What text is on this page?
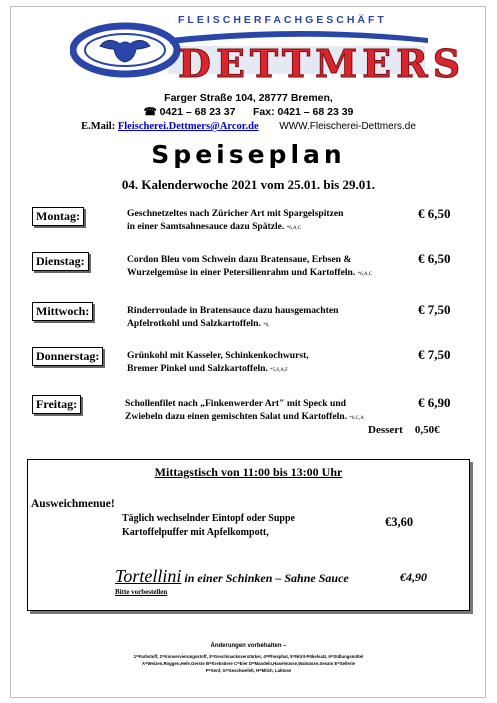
FLEISCHERFACHGESCHÄFT
DETTMERS
Farger Straße 104, 28777 Bremen,
☎ 0421 – 68 23 37      Fax: 0421 – 68 23 39
E.Mail: Fleischerei.Dettmers@Arcor.de WWW.Fleischerei-Dettmers.de
Speiseplan
04. Kalenderwoche 2021 vom 25.01. bis 29.01.
Montag:	Geschnetzeltes nach Züricher Art mit Spargelspitzen
in einer Samtsahnesauce dazu Spätzle. *6,A,C
€ 6,50
Dienstag:	Cordon Bleu vom Schwein dazu Bratensaue, Erbsen &
Wurzelgemüse in einer Petersilienrahm und Kartoffeln. *6,A,C
€ 6,50
Mittwoch:	Rinderroulade in Bratensauce dazu hausgemachten
Apfelrotkohl und Salzkartoffeln. *6,
€ 7,50
Donnerstag:	Grünkohl mit Kasseler, Schinkenkochwurst,
Bremer Pinkel und Salzkartoffeln. *5,6,A,F
€ 7,50
Freitag:	Schollenfilet nach „Finkenwerder Art" mit Speck und
Zwiebeln dazu einen gemischten Salat und Kartoffeln. *6,C,A
€ 6,90
Dessert 0,50€
Mittagstisch von 11:00 bis 13:00 Uhr
Ausweichmenue!
Täglich wechselnder Eintopf oder Suppe
Kartoffelpuffer mit Apfelkompott,
€3,60
Tortellini in einer Schinken – Sahne Sauce	€4,90
Bitte vorbestellen
Änderungen vorbehalten –
1=Farbstoff, 2=Konservierungsstoff, 3=Geschmacksverstärker, 4=Phosphat, 5=Nitrit-Pökelsalz, 6=Süßungsmittel
A=Weizen,Roggen,Hefe,Gerste B=Krebstiere C=Eier D=Mandeln,Haselnüsse,Walnüsse,Sesam E=Sellerie
F=Senf, G=Geschwefelt, H=Milch, Laktose
